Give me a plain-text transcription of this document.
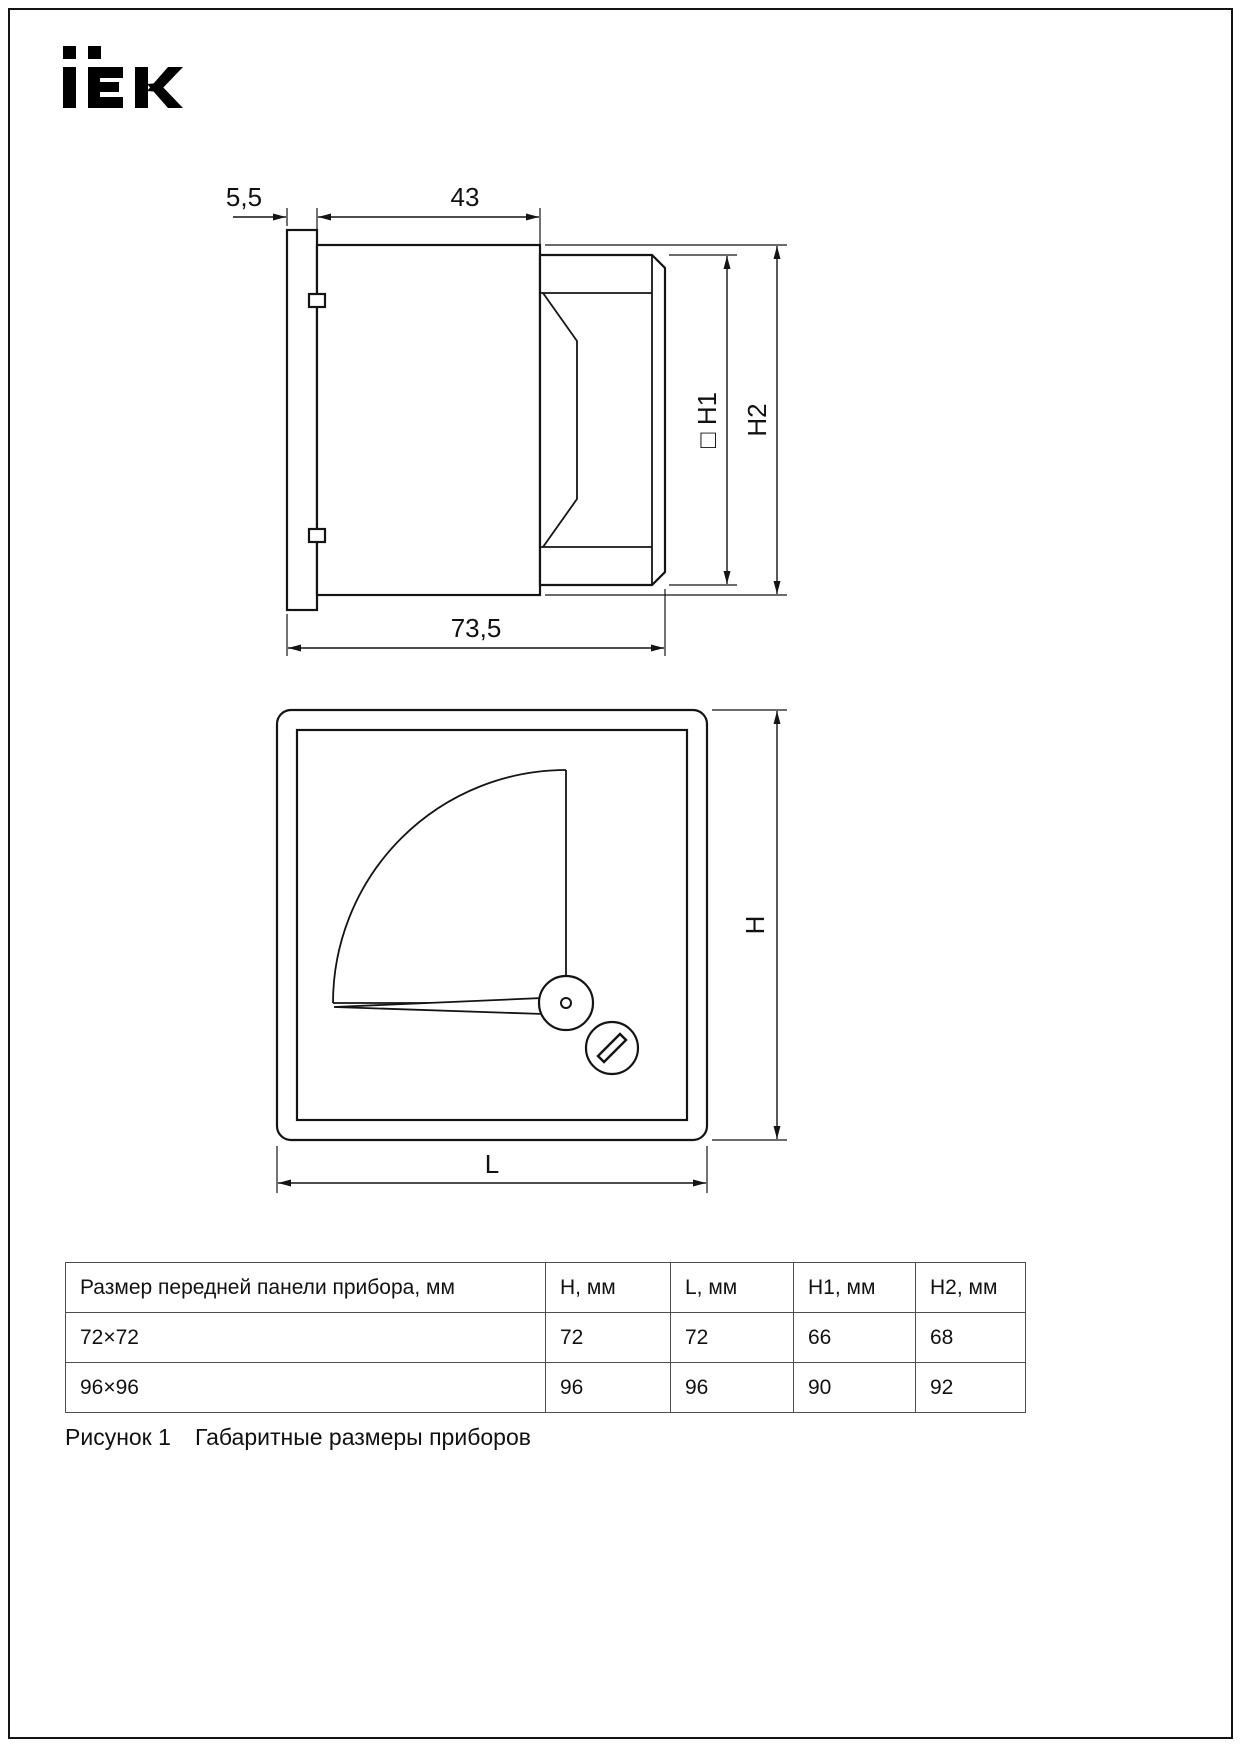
5,5	43
73,5
□ H1 H2
H
L
Размер передней панели прибора, мм	H, мм	L, мм	H1, мм	H2, мм
72×72	72	72	66	68
96×96	96	96	90	92
Рисунок 1 Габаритные размеры приборов
